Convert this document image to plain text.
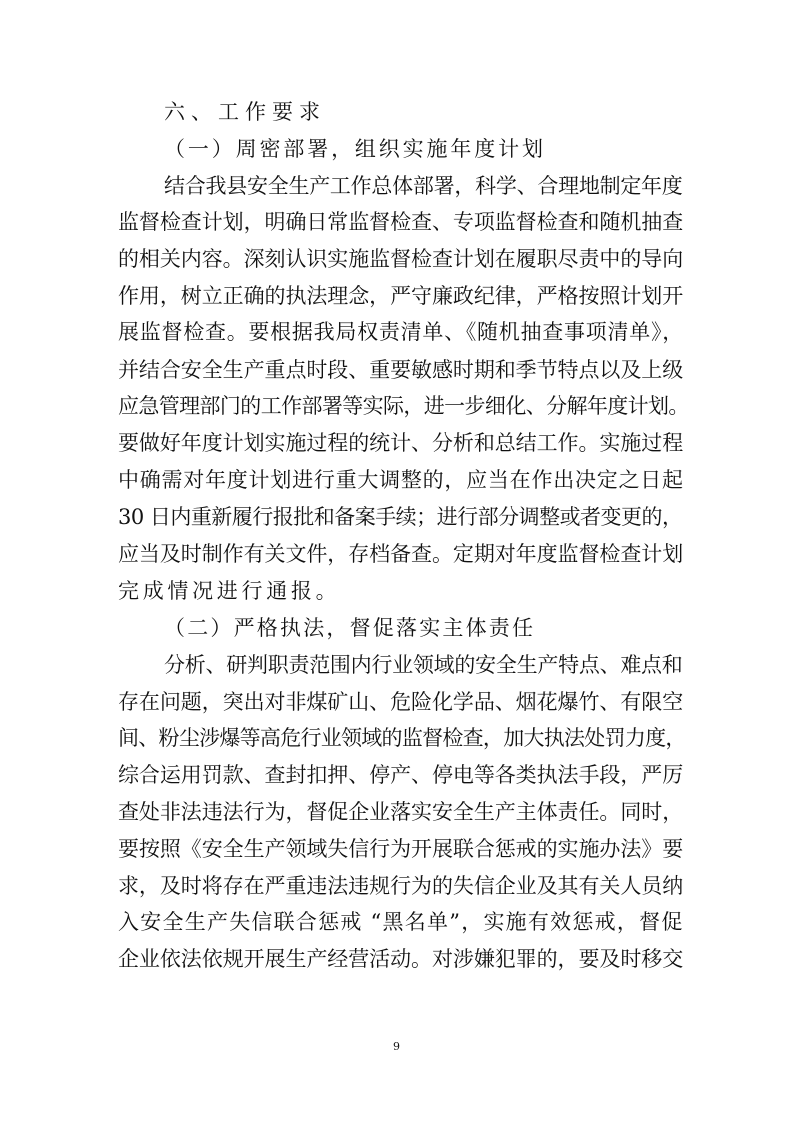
六、工作要求
（一）周密部署，组织实施年度计划
结合我县安全生产工作总体部署，科学、合理地制定年度
监督检查计划，明确日常监督检查、专项监督检查和随机抽查
的相关内容。深刻认识实施监督检查计划在履职尽责中的导向
作用，树立正确的执法理念，严守廉政纪律，严格按照计划开
展监督检查。要根据我局权责清单、《随机抽查事项清单》，
并结合安全生产重点时段、重要敏感时期和季节特点以及上级
应急管理部门的工作部署等实际，进一步细化、分解年度计划。
要做好年度计划实施过程的统计、分析和总结工作。实施过程
中确需对年度计划进行重大调整的，应当在作出决定之日起
30 日内重新履行报批和备案手续；进行部分调整或者变更的，
应当及时制作有关文件，存档备查。定期对年度监督检查计划
完成情况进行通报。
（二）严格执法，督促落实主体责任
分析、研判职责范围内行业领域的安全生产特点、难点和
存在问题，突出对非煤矿山、危险化学品、烟花爆竹、有限空
间、粉尘涉爆等高危行业领域的监督检查，加大执法处罚力度，
综合运用罚款、查封扣押、停产、停电等各类执法手段，严厉
查处非法违法行为，督促企业落实安全生产主体责任。同时，
要按照《安全生产领域失信行为开展联合惩戒的实施办法》要
求，及时将存在严重违法违规行为的失信企业及其有关人员纳
入安全生产失信联合惩戒 “黑名单”，实施有效惩戒，督促
企业依法依规开展生产经营活动。对涉嫌犯罪的，要及时移交
9
